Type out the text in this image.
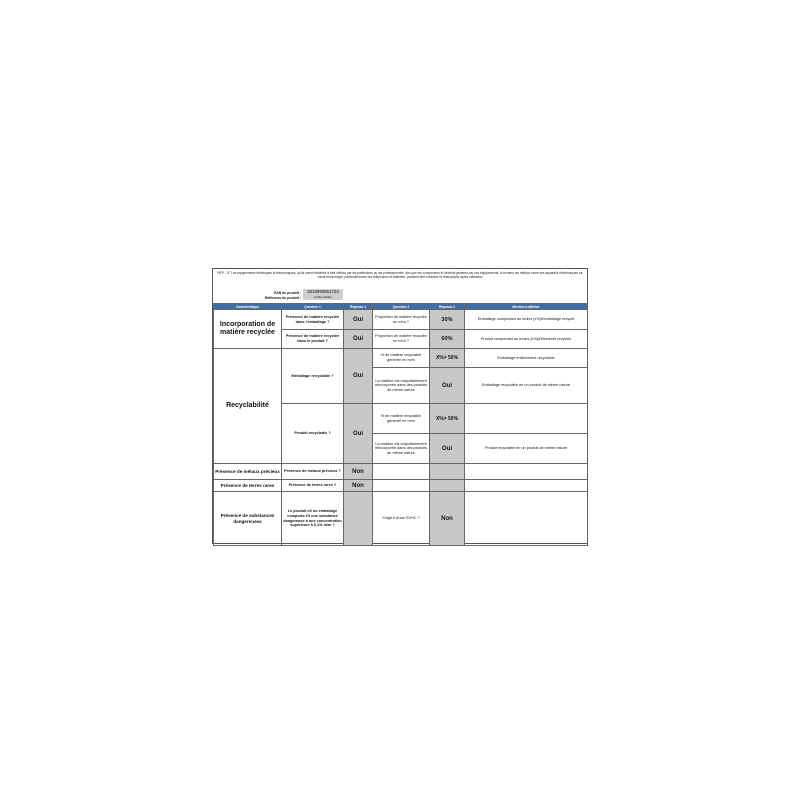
REP – 5° Les équipements électriques et électroniques, qu'ils soient destinés à être utilisés par les particuliers ou les professionnels, afin que les composants et déchets générés par ces équipements, à contenu les métaux rares des appareils électroniques de haute technologie, particulièrement les téléphones et tablettes, puissent être collectés et réemployés après utilisation
EAN du produit :	3615993661724
Référence du produit :	Coffee Maker
Caractéristique	Question 1	Réponse 1	Question 2	Réponse 2	Mention à afficher
Incorporation de matière recyclée	Présence de matière recyclée dans l'emballage ?	Oui	Proportion de matière recyclée en m/m ?	30%	Emballage comportant au moins [x%]d'emballage recyclé
	Présence de matière recyclée dans le produit ?	Oui	Proportion de matière recyclée en m/m ?	60%	Produit comportant au moins [x%]d'éléments recyclés
Recyclabilité	Emballage recyclable ?	Oui	% de matière recyclable générée en m/m	X%> 50%	Emballage entièrement recyclable
			La matière est majoritairement réincorporée dans des produits de même nature	Oui	Emballage recyclable en un produit de même nature
	Produit recyclable ?	Oui	% de matière recyclable générée en m/m	X%> 50%	
			La matière est majoritairement réincorporée dans des produits de même nature	Oui	Produit recyclable en un produit de même nature
Présence de métaux précieux	Présence de métaux précieux ?	Non			
Présence de terres rares	Présence de terres rares ?	Non			
Présence de substances dangereuses	Le produit et/ ou emballage comporte-t'il une substance dangereuse à une concentration supérieure à 0,1% m/m ?		S'agit-il d'une SVHC ?	Non	
